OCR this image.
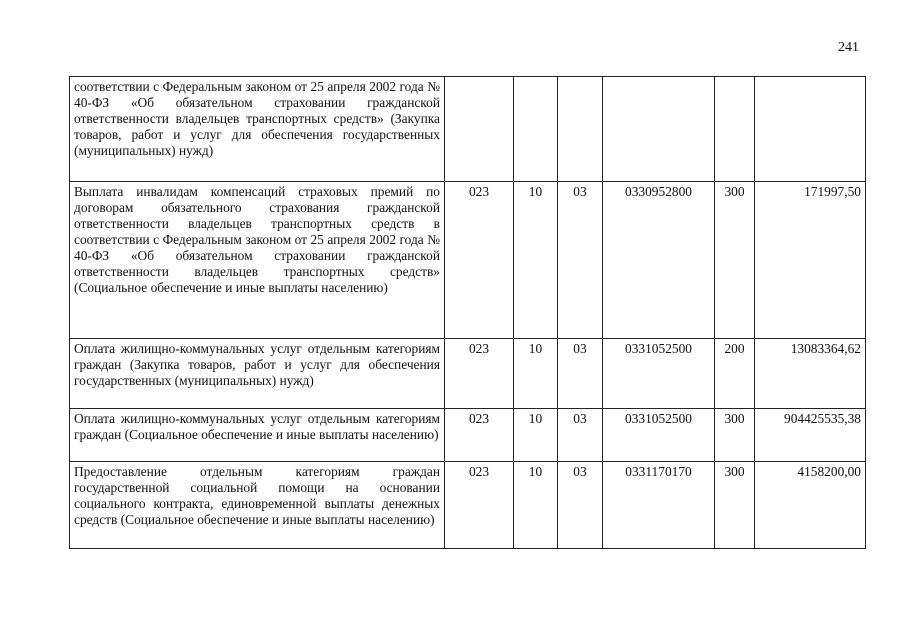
241
соответствии с Федеральным законом от 25 апреля 2002 года № 40-ФЗ «Об обязательном страховании гражданской ответственности владельцев транспортных средств» (Закупка товаров, работ и услуг для обеспечения государственных (муниципальных) нужд)						
Выплата инвалидам компенсаций страховых премий по договорам обязательного страхования гражданской ответственности владельцев транспортных средств в соответствии с Федеральным законом от 25 апреля 2002 года № 40-ФЗ «Об обязательном страховании гражданской ответственности владельцев транспортных средств» (Социальное обеспечение и иные выплаты населению)	023	10	03	0330952800	300	171997,50
Оплата жилищно-коммунальных услуг отдельным категориям граждан (Закупка товаров, работ и услуг для обеспечения государственных (муниципальных) нужд)	023	10	03	0331052500	200	13083364,62
Оплата жилищно-коммунальных услуг отдельным категориям граждан (Социальное обеспечение и иные выплаты населению)	023	10	03	0331052500	300	904425535,38
Предоставление отдельным категориям граждан государственной социальной помощи на основании социального контракта, единовременной выплаты денежных средств (Социальное обеспечение и иные выплаты населению)	023	10	03	0331170170	300	4158200,00
